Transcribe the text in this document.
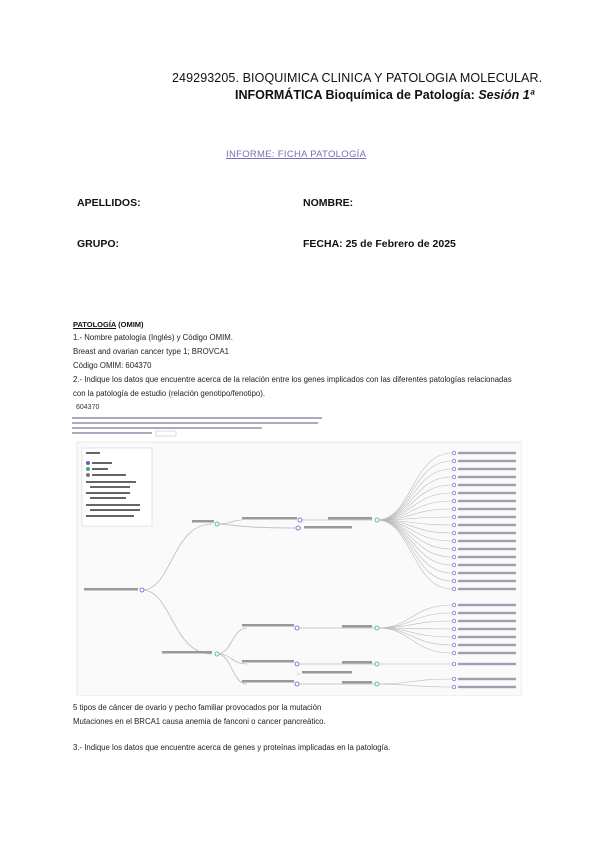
249293205. BIOQUIMICA CLINICA Y PATOLOGIA MOLECULAR.
INFORMÁTICA Bioquímica de Patología: Sesión 1ª
INFORME: FICHA PATOLOGÍA
APELLIDOS:	NOMBRE:
GRUPO:	FECHA: 25 de Febrero de 2025
PATOLOGÍA (OMIM)
1.- Nombre patología (Inglés) y Código OMIM.
Breast and ovarian cancer type 1; BROVCA1
Código OMIM: 604370
2.- Indique los datos que encuentre acerca de la relación entre los genes implicados con las diferentes patologías relacionadas
con la patología de estudio (relación genotipo/fenotipo).
604370
5 tipos de cáncer de ovario y pecho familiar provocados por la mutación
Mutaciones en el BRCA1 causa anemia de fanconi o cancer pancreático.
3.- Indique los datos que encuentre acerca de genes y proteínas implicadas en la patología.
